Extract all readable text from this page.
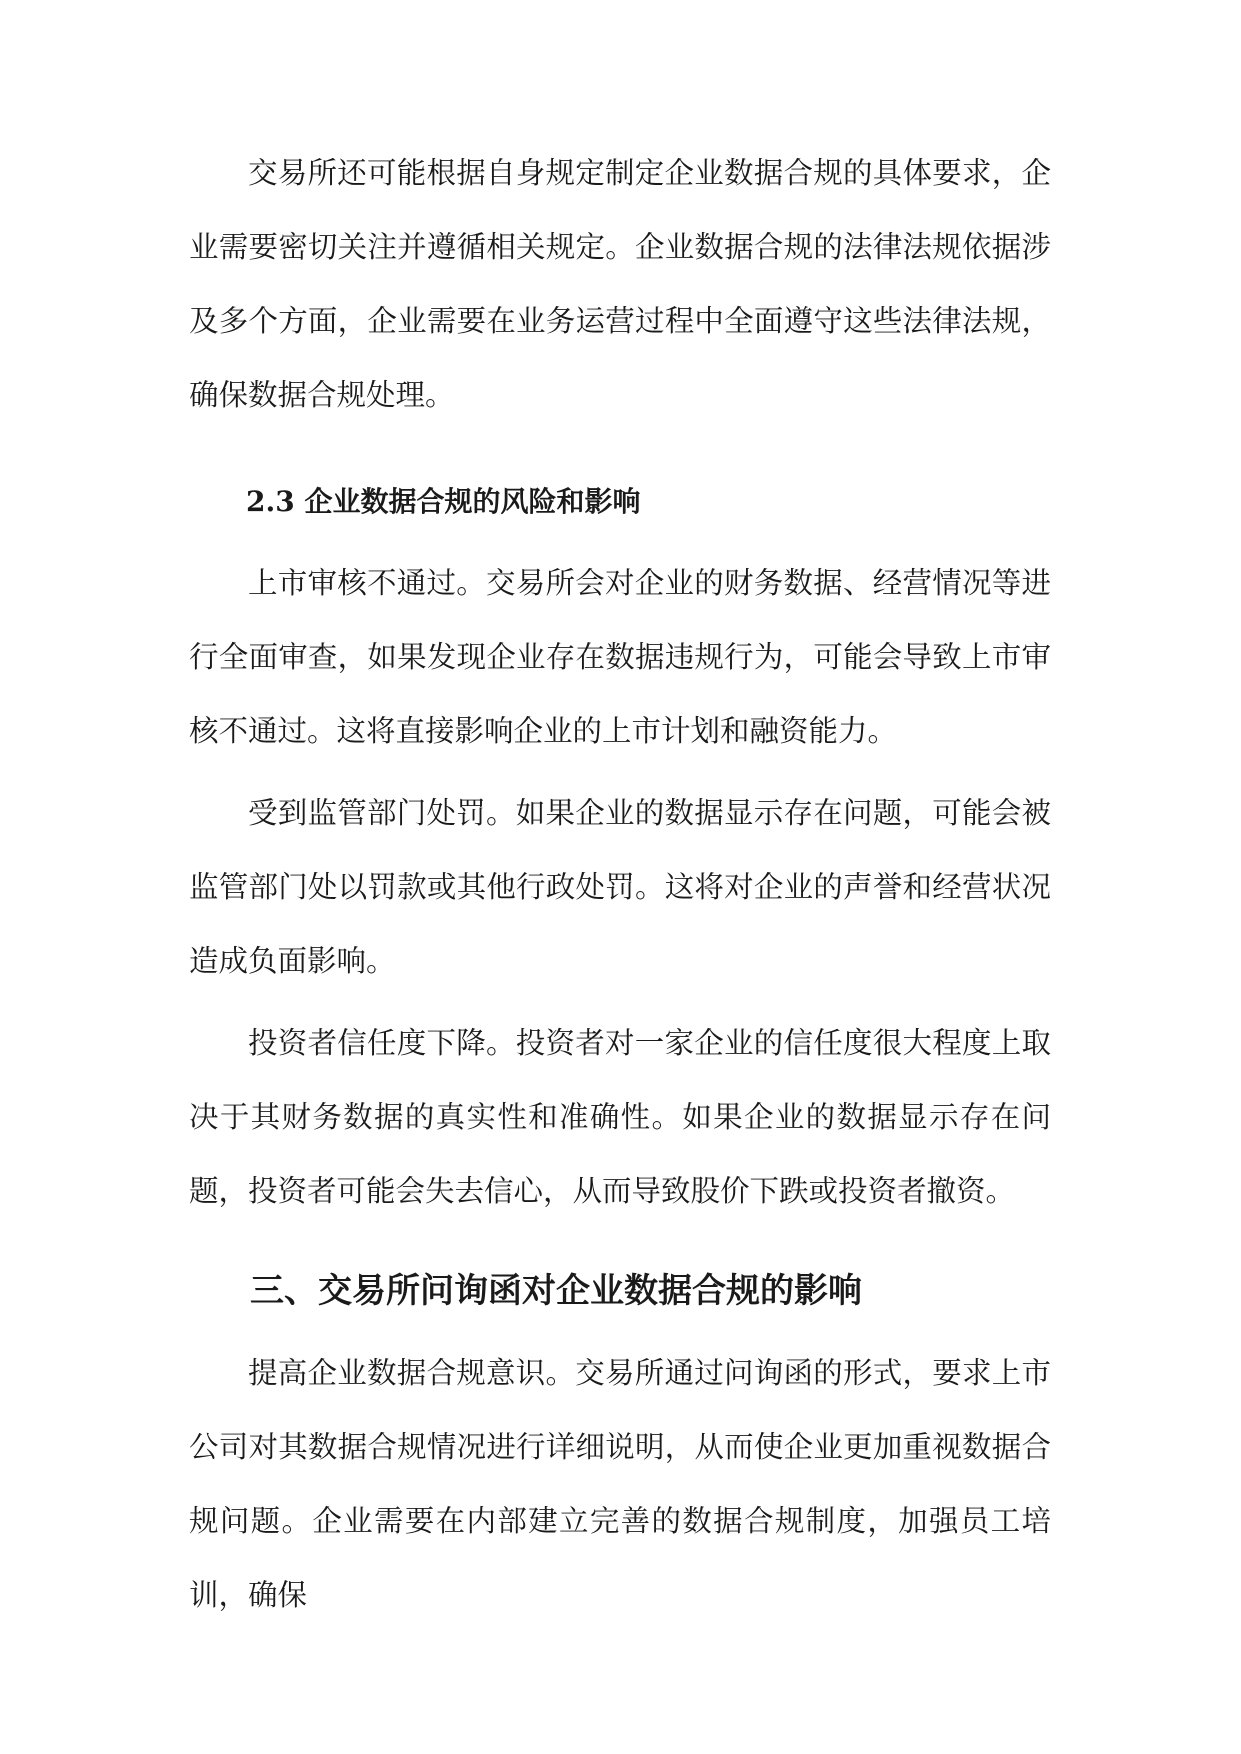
交易所还可能根据自身规定制定企业数据合规的具体要求，企业需要密切关注并遵循相关规定。企业数据合规的法律法规依据涉及多个方面，企业需要在业务运营过程中全面遵守这些法律法规，确保数据合规处理。

2.3 企业数据合规的风险和影响

上市审核不通过。交易所会对企业的财务数据、经营情况等进行全面审查，如果发现企业存在数据违规行为，可能会导致上市审核不通过。这将直接影响企业的上市计划和融资能力。

受到监管部门处罚。如果企业的数据显示存在问题，可能会被监管部门处以罚款或其他行政处罚。这将对企业的声誉和经营状况造成负面影响。

投资者信任度下降。投资者对一家企业的信任度很大程度上取决于其财务数据的真实性和准确性。如果企业的数据显示存在问题，投资者可能会失去信心，从而导致股价下跌或投资者撤资。

三、交易所问询函对企业数据合规的影响

提高企业数据合规意识。交易所通过问询函的形式，要求上市公司对其数据合规情况进行详细说明，从而使企业更加重视数据合规问题。企业需要在内部建立完善的数据合规制度，加强员工培训，确保
